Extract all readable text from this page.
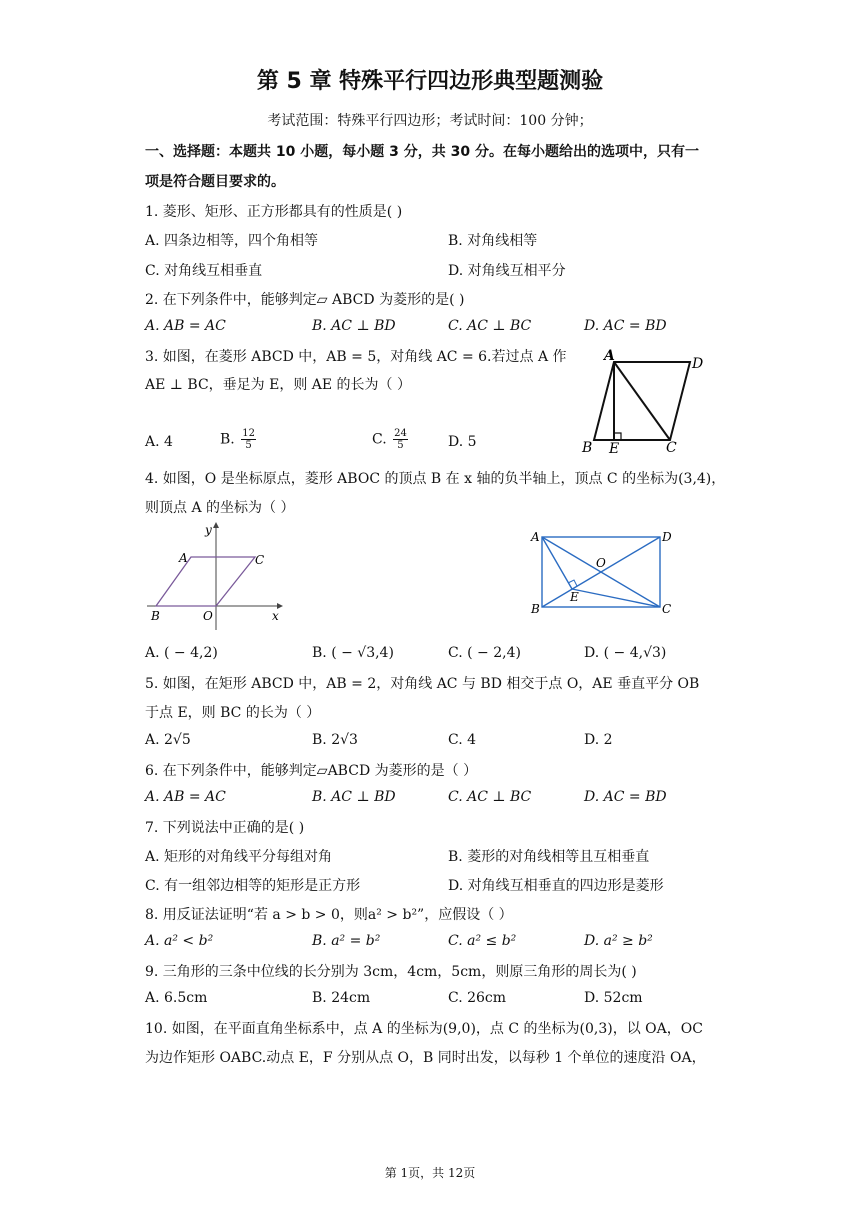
第 5 章 特殊平行四边形典型题测验
考试范围：特殊平行四边形；考试时间：100 分钟；
一、选择题：本题共 10 小题，每小题 3 分，共 30 分。在每小题给出的选项中，只有一
项是符合题目要求的。
1. 菱形、矩形、正方形都具有的性质是( )
A. 四条边相等，四个角相等	B. 对角线相等
C. 对角线互相垂直	D. 对角线互相平分
2. 在下列条件中，能够判定▱ ABCD 为菱形的是( )
A. AB = AC	B. AC ⊥ BD	C. AC ⊥ BC	D. AC = BD
3. 如图，在菱形 ABCD 中，AB = 5，对角线 AC = 6.若过点 A 作
AE ⊥ BC，垂足为 E，则 AE 的长为（ ）
A. 4	B. $\frac{12}{5}$	C. $\frac{24}{5}$	D. 5
A	D
B E	C
4. 如图，O 是坐标原点，菱形 ABOC 的顶点 B 在 x 轴的负半轴上，顶点 C 的坐标为(3,4)，
则顶点 A 的坐标为（ ）
y
A	C
B	O	x
A	D
O
E
B	C
A. ( − 4,2)	B. ( − √3,4)	C. ( − 2,4)	D. ( − 4,√3)
5. 如图，在矩形 ABCD 中，AB = 2，对角线 AC 与 BD 相交于点 O，AE 垂直平分 OB
于点 E，则 BC 的长为（ ）
A. 2√5	B. 2√3	C. 4	D. 2
6. 在下列条件中，能够判定▱ABCD 为菱形的是（ ）
A. AB = AC	B. AC ⊥ BD	C. AC ⊥ BC	D. AC = BD
7. 下列说法中正确的是( )
A. 矩形的对角线平分每组对角	B. 菱形的对角线相等且互相垂直
C. 有一组邻边相等的矩形是正方形	D. 对角线互相垂直的四边形是菱形
8. 用反证法证明“若 a > b > 0，则a² > b²”，应假设（ ）
A. a² < b²	B. a² = b²	C. a² ≤ b²	D. a² ≥ b²
9. 三角形的三条中位线的长分别为 3cm，4cm，5cm，则原三角形的周长为( )
A. 6.5cm	B. 24cm	C. 26cm	D. 52cm
10. 如图，在平面直角坐标系中，点 A 的坐标为(9,0)，点 C 的坐标为(0,3)，以 OA，OC
为边作矩形 OABC.动点 E，F 分别从点 O，B 同时出发，以每秒 1 个单位的速度沿 OA，
第 1页，共 12页
